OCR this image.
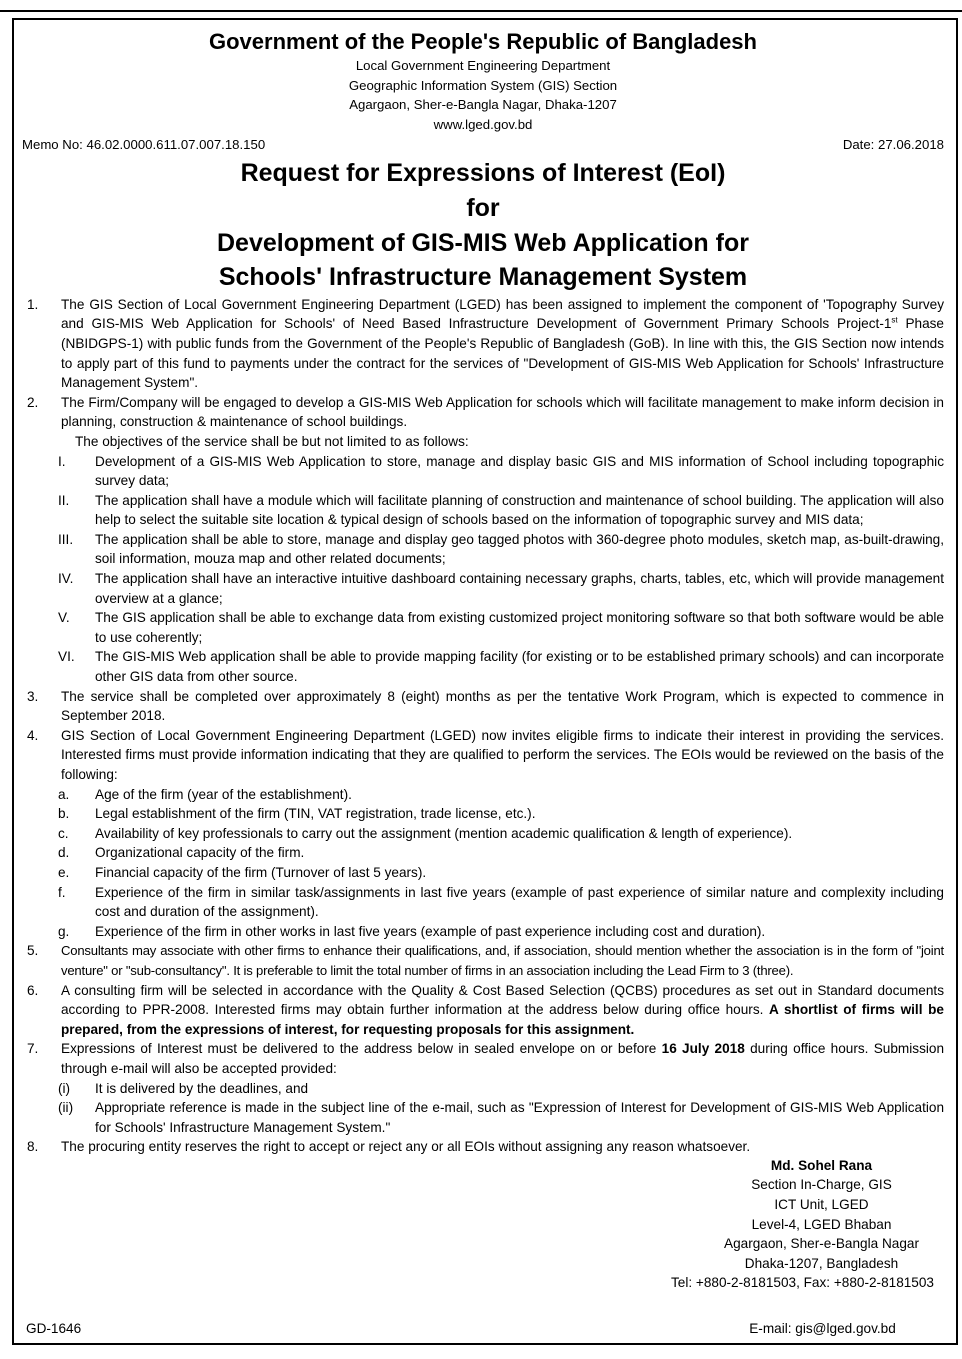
Government of the People's Republic of Bangladesh
Local Government Engineering Department
Geographic Information System (GIS) Section
Agargaon, Sher-e-Bangla Nagar, Dhaka-1207
www.lged.gov.bd
Memo No: 46.02.0000.611.07.007.18.150	Date: 27.06.2018
Request for Expressions of Interest (EoI)
for
Development of GIS-MIS Web Application for
Schools' Infrastructure Management System
1. The GIS Section of Local Government Engineering Department (LGED) has been assigned to implement the component of 'Topography Survey and GIS-MIS Web Application for Schools' of Need Based Infrastructure Development of Government Primary Schools Project-1st Phase (NBIDGPS-1) with public funds from the Government of the People's Republic of Bangladesh (GoB). In line with this, the GIS Section now intends to apply part of this fund to payments under the contract for the services of "Development of GIS-MIS Web Application for Schools' Infrastructure Management System".
2. The Firm/Company will be engaged to develop a GIS-MIS Web Application for schools which will facilitate management to make inform decision in planning, construction & maintenance of school buildings.
The objectives of the service shall be but not limited to as follows:
I. Development of a GIS-MIS Web Application to store, manage and display basic GIS and MIS information of School including topographic survey data;
II. The application shall have a module which will facilitate planning of construction and maintenance of school building. The application will also help to select the suitable site location & typical design of schools based on the information of topographic survey and MIS data;
III. The application shall be able to store, manage and display geo tagged photos with 360-degree photo modules, sketch map, as-built-drawing, soil information, mouza map and other related documents;
IV. The application shall have an interactive intuitive dashboard containing necessary graphs, charts, tables, etc, which will provide management overview at a glance;
V. The GIS application shall be able to exchange data from existing customized project monitoring software so that both software would be able to use coherently;
VI. The GIS-MIS Web application shall be able to provide mapping facility (for existing or to be established primary schools) and can incorporate other GIS data from other source.
3. The service shall be completed over approximately 8 (eight) months as per the tentative Work Program, which is expected to commence in September 2018.
4. GIS Section of Local Government Engineering Department (LGED) now invites eligible firms to indicate their interest in providing the services. Interested firms must provide information indicating that they are qualified to perform the services. The EOIs would be reviewed on the basis of the following:
a. Age of the firm (year of the establishment).
b. Legal establishment of the firm (TIN, VAT registration, trade license, etc.).
c. Availability of key professionals to carry out the assignment (mention academic qualification & length of experience).
d. Organizational capacity of the firm.
e. Financial capacity of the firm (Turnover of last 5 years).
f. Experience of the firm in similar task/assignments in last five years (example of past experience of similar nature and complexity including cost and duration of the assignment).
g. Experience of the firm in other works in last five years (example of past experience including cost and duration).
5. Consultants may associate with other firms to enhance their qualifications, and, if association, should mention whether the association is in the form of "joint venture" or "sub-consultancy". It is preferable to limit the total number of firms in an association including the Lead Firm to 3 (three).
6. A consulting firm will be selected in accordance with the Quality & Cost Based Selection (QCBS) procedures as set out in Standard documents according to PPR-2008. Interested firms may obtain further information at the address below during office hours. A shortlist of firms will be prepared, from the expressions of interest, for requesting proposals for this assignment.
7. Expressions of Interest must be delivered to the address below in sealed envelope on or before 16 July 2018 during office hours. Submission through e-mail will also be accepted provided:
(i) It is delivered by the deadlines, and
(ii) Appropriate reference is made in the subject line of the e-mail, such as "Expression of Interest for Development of GIS-MIS Web Application for Schools' Infrastructure Management System."
8. The procuring entity reserves the right to accept or reject any or all EOIs without assigning any reason whatsoever.
Md. Sohel Rana
Section In-Charge, GIS
ICT Unit, LGED
Level-4, LGED Bhaban
Agargaon, Sher-e-Bangla Nagar
Dhaka-1207, Bangladesh
Tel: +880-2-8181503, Fax: +880-2-8181503
GD-1646	E-mail: gis@lged.gov.bd
